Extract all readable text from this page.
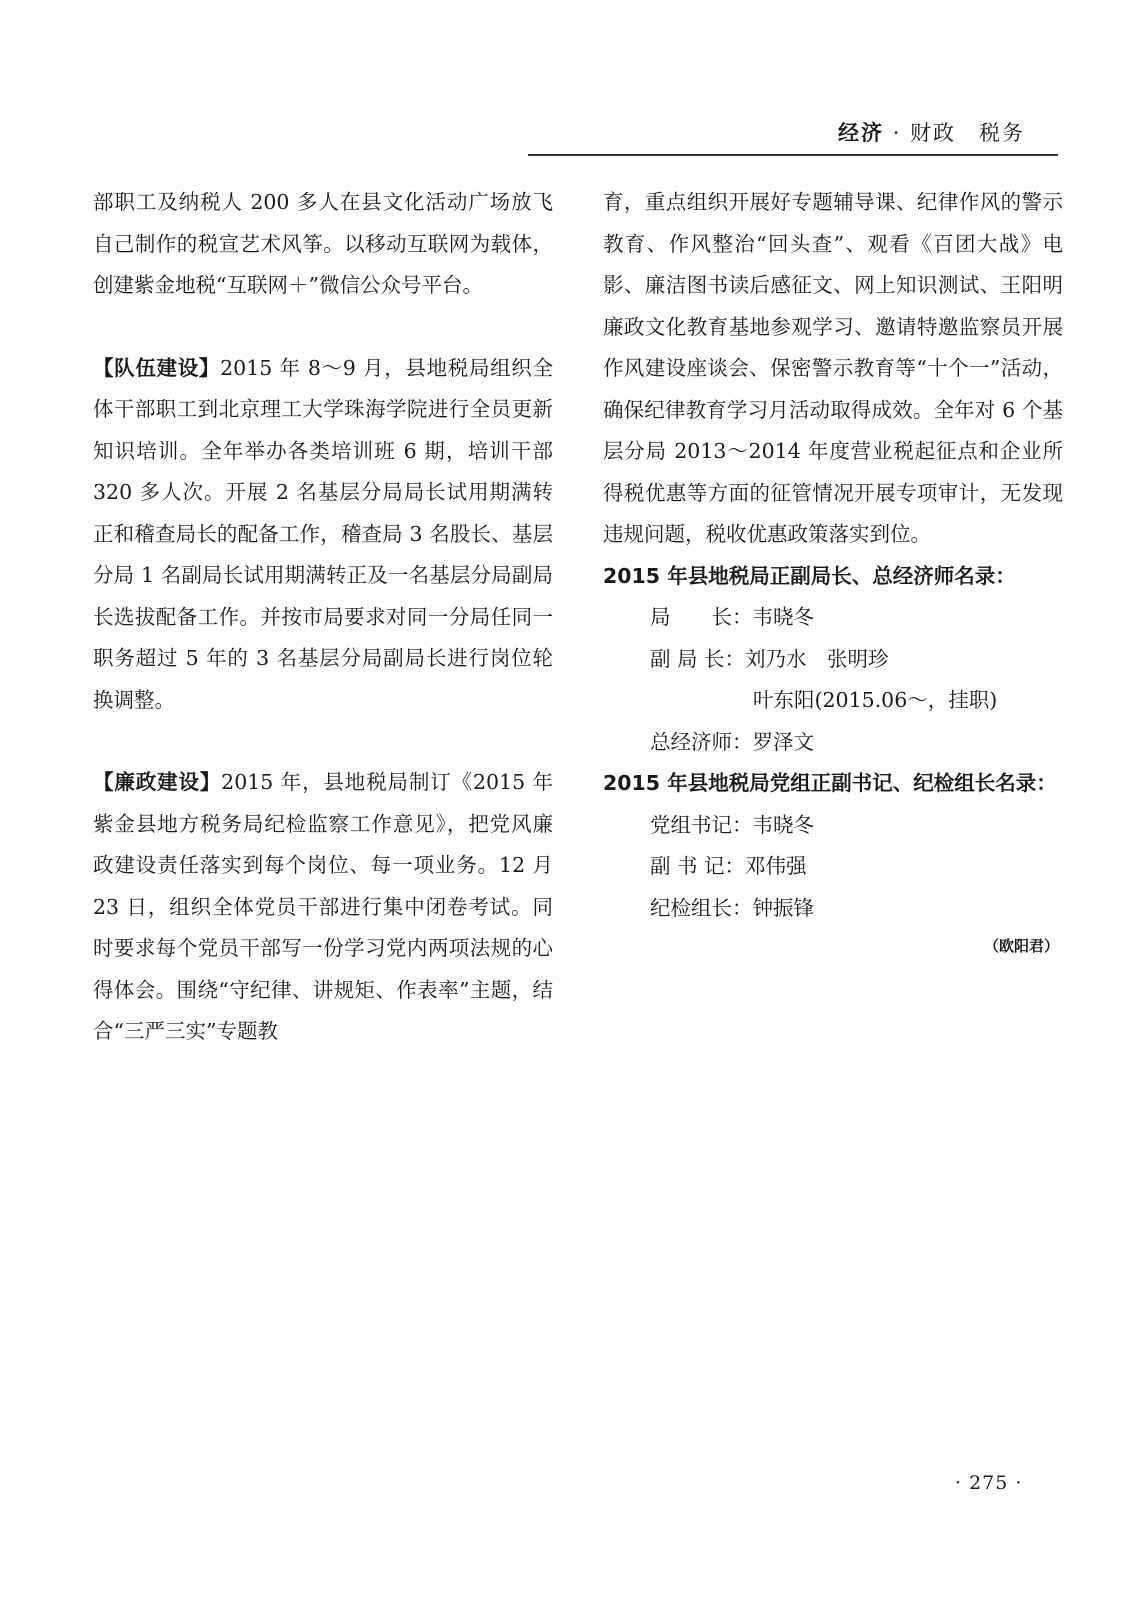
经济 · 财政　税务

部职工及纳税人 200 多人在县文化活动广场放飞自己制作的税宣艺术风筝。以移动互联网为载体，创建紫金地税“互联网＋”微信公众号平台。

【队伍建设】2015 年 8～9 月，县地税局组织全体干部职工到北京理工大学珠海学院进行全员更新知识培训。全年举办各类培训班 6 期，培训干部 320 多人次。开展 2 名基层分局局长试用期满转正和稽查局长的配备工作，稽查局 3 名股长、基层分局 1 名副局长试用期满转正及一名基层分局副局长选拔配备工作。并按市局要求对同一分局任同一职务超过 5 年的 3 名基层分局副局长进行岗位轮换调整。

【廉政建设】2015 年，县地税局制订《2015 年紫金县地方税务局纪检监察工作意见》，把党风廉政建设责任落实到每个岗位、每一项业务。12 月 23 日，组织全体党员干部进行集中闭卷考试。同时要求每个党员干部写一份学习党内两项法规的心得体会。围绕“守纪律、讲规矩、作表率”主题，结合“三严三实”专题教

育，重点组织开展好专题辅导课、纪律作风的警示教育、作风整治“回头查”、观看《百团大战》电影、廉洁图书读后感征文、网上知识测试、王阳明廉政文化教育基地参观学习、邀请特邀监察员开展作风建设座谈会、保密警示教育等“十个一”活动，确保纪律教育学习月活动取得成效。全年对 6 个基层分局 2013～2014 年度营业税起征点和企业所得税优惠等方面的征管情况开展专项审计，无发现违规问题，税收优惠政策落实到位。

2015 年县地税局正副局长、总经济师名录：

局　　长：韦晓冬

副 局 长：刘乃水　张明珍

叶东阳(2015.06～，挂职)

总经济师：罗泽文

2015 年县地税局党组正副书记、纪检组长名录：

党组书记：韦晓冬

副 书 记：邓伟强

纪检组长：钟振锋

（欧阳君）
· 275 ·
